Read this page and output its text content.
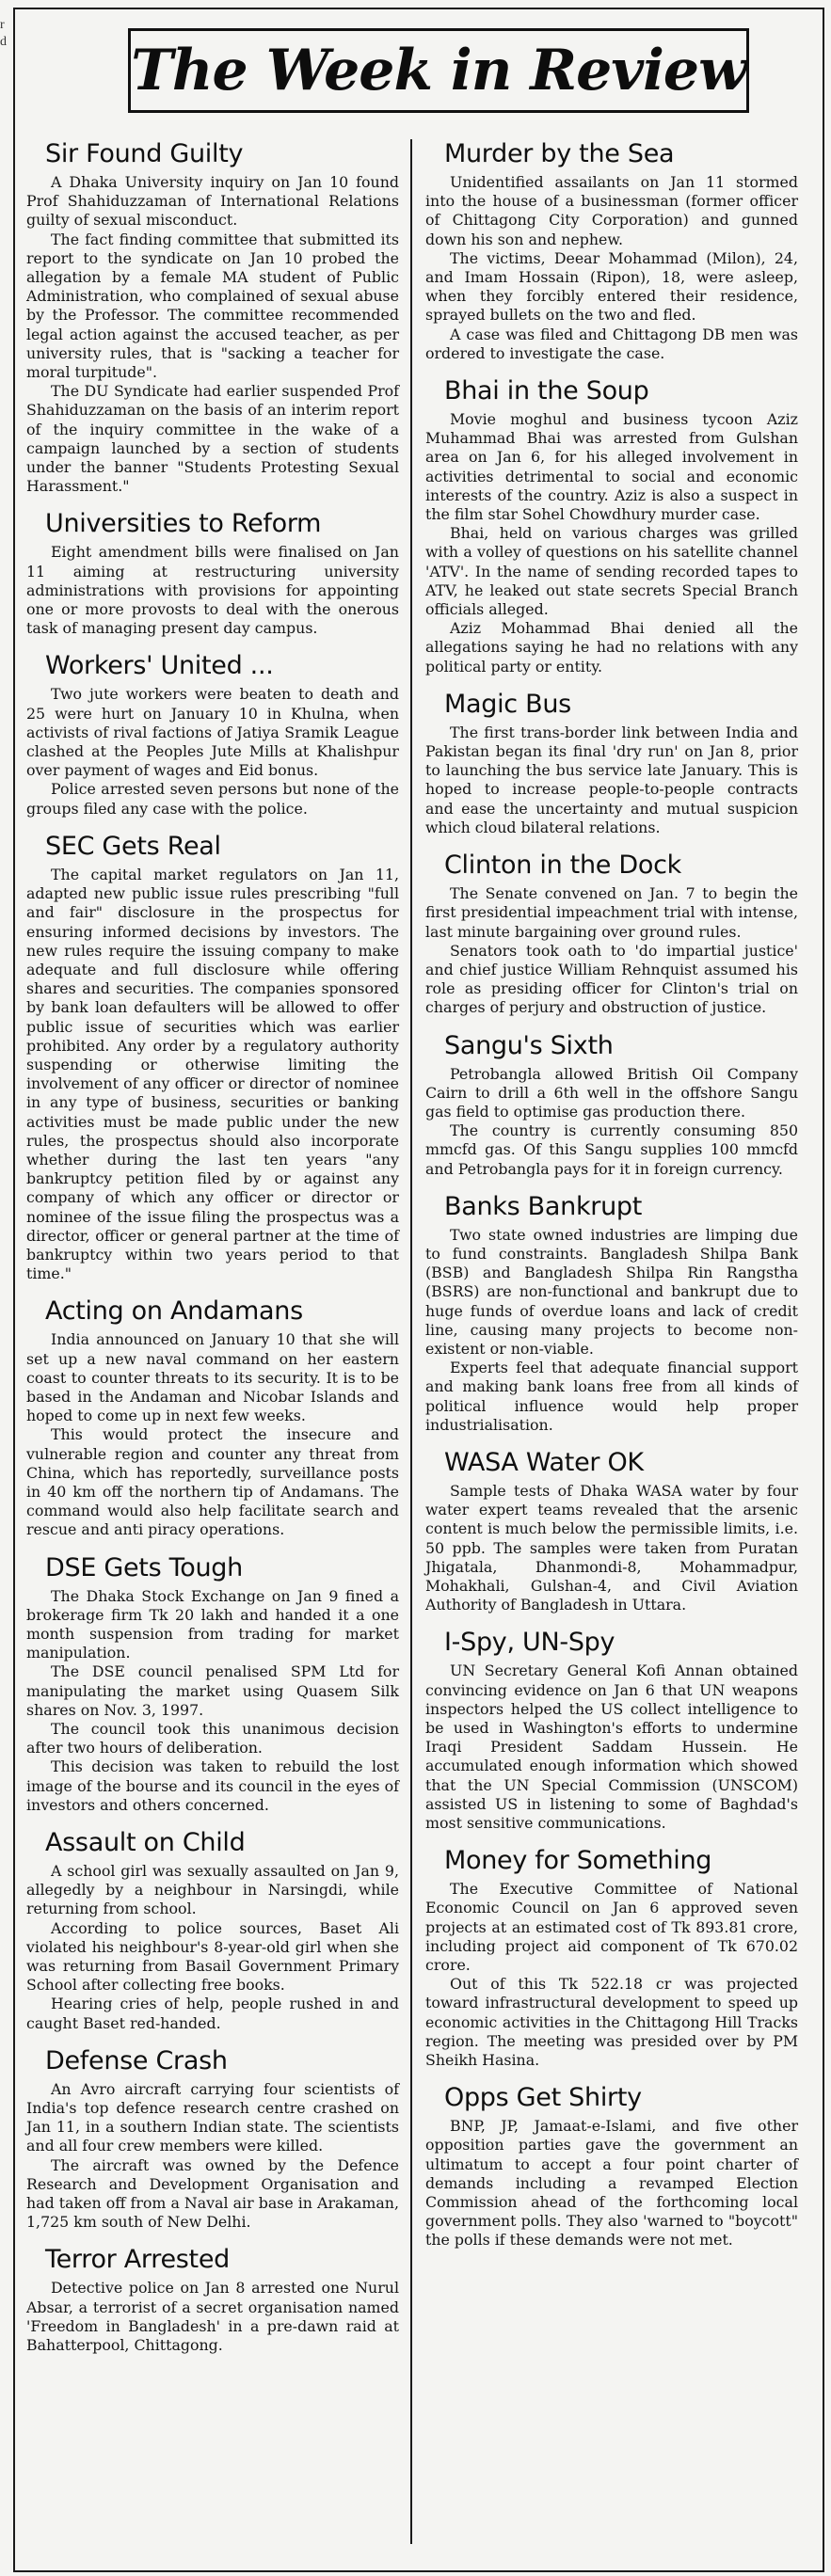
r d The Week in Review
Sir Found Guilty

A Dhaka University inquiry on Jan 10 found Prof Shahiduzzaman of International Relations guilty of sexual misconduct.

The fact finding committee that submitted its report to the syndicate on Jan 10 probed the allegation by a female MA student of Public Administration, who complained of sexual abuse by the Professor. The committee recommended legal action against the accused teacher, as per university rules, that is "sacking a teacher for moral turpitude".

The DU Syndicate had earlier suspended Prof Shahiduzzaman on the basis of an interim report of the inquiry committee in the wake of a campaign launched by a section of students under the banner "Students Protesting Sexual Harassment."

Universities to Reform

Eight amendment bills were finalised on Jan 11 aiming at restructuring university administrations with provisions for appointing one or more provosts to deal with the onerous task of managing present day campus.

Workers' United ...

Two jute workers were beaten to death and 25 were hurt on January 10 in Khulna, when activists of rival factions of Jatiya Sramik League clashed at the Peoples Jute Mills at Khalishpur over payment of wages and Eid bonus.

Police arrested seven persons but none of the groups filed any case with the police.

SEC Gets Real

The capital market regulators on Jan 11, adapted new public issue rules prescribing "full and fair" disclosure in the prospectus for ensuring informed decisions by investors. The new rules require the issuing company to make adequate and full disclosure while offering shares and securities. The companies sponsored by bank loan defaulters will be allowed to offer public issue of securities which was earlier prohibited. Any order by a regulatory authority suspending or otherwise limiting the involvement of any officer or director of nominee in any type of business, securities or banking activities must be made public under the new rules, the prospectus should also incorporate whether during the last ten years "any bankruptcy petition filed by or against any company of which any officer or director or nominee of the issue filing the prospectus was a director, officer or general partner at the time of bankruptcy within two years period to that time."

Acting on Andamans

India announced on January 10 that she will set up a new naval command on her eastern coast to counter threats to its security. It is to be based in the Andaman and Nicobar Islands and hoped to come up in next few weeks.

This would protect the insecure and vulnerable region and counter any threat from China, which has reportedly, surveillance posts in 40 km off the northern tip of Andamans. The command would also help facilitate search and rescue and anti piracy operations.

DSE Gets Tough

The Dhaka Stock Exchange on Jan 9 fined a brokerage firm Tk 20 lakh and handed it a one month suspension from trading for market manipulation.

The DSE council penalised SPM Ltd for manipulating the market using Quasem Silk shares on Nov. 3, 1997.

The council took this unanimous decision after two hours of deliberation.

This decision was taken to rebuild the lost image of the bourse and its council in the eyes of investors and others concerned.

Assault on Child

A school girl was sexually assaulted on Jan 9, allegedly by a neighbour in Narsingdi, while returning from school.

According to police sources, Baset Ali violated his neighbour's 8-year-old girl when she was returning from Basail Government Primary School after collecting free books.

Hearing cries of help, people rushed in and caught Baset red-handed.

Defense Crash

An Avro aircraft carrying four scientists of India's top defence research centre crashed on Jan 11, in a southern Indian state. The scientists and all four crew members were killed.

The aircraft was owned by the Defence Research and Development Organisation and had taken off from a Naval air base in Arakaman, 1,725 km south of New Delhi.

Terror Arrested

Detective police on Jan 8 arrested one Nurul Absar, a terrorist of a secret organisation named 'Freedom in Bangladesh' in a pre-dawn raid at Bahatterpool, Chittagong.

Murder by the Sea

Unidentified assailants on Jan 11 stormed into the house of a businessman (former officer of Chittagong City Corporation) and gunned down his son and nephew.

The victims, Deear Mohammad (Milon), 24, and Imam Hossain (Ripon), 18, were asleep, when they forcibly entered their residence, sprayed bullets on the two and fled.

A case was filed and Chittagong DB men was ordered to investigate the case.

Bhai in the Soup

Movie moghul and business tycoon Aziz Muhammad Bhai was arrested from Gulshan area on Jan 6, for his alleged involvement in activities detrimental to social and economic interests of the country. Aziz is also a suspect in the film star Sohel Chowdhury murder case.

Bhai, held on various charges was grilled with a volley of questions on his satellite channel 'ATV'. In the name of sending recorded tapes to ATV, he leaked out state secrets Special Branch officials alleged.

Aziz Mohammad Bhai denied all the allegations saying he had no relations with any political party or entity.

Magic Bus

The first trans-border link between India and Pakistan began its final 'dry run' on Jan 8, prior to launching the bus service late January. This is hoped to increase people-to-people contracts and ease the uncertainty and mutual suspicion which cloud bilateral relations.

Clinton in the Dock

The Senate convened on Jan. 7 to begin the first presidential impeachment trial with intense, last minute bargaining over ground rules.

Senators took oath to 'do impartial justice' and chief justice William Rehnquist assumed his role as presiding officer for Clinton's trial on charges of perjury and obstruction of justice.

Sangu's Sixth

Petrobangla allowed British Oil Company Cairn to drill a 6th well in the offshore Sangu gas field to optimise gas production there.

The country is currently consuming 850 mmcfd gas. Of this Sangu supplies 100 mmcfd and Petrobangla pays for it in foreign currency.

Banks Bankrupt

Two state owned industries are limping due to fund constraints. Bangladesh Shilpa Bank (BSB) and Bangladesh Shilpa Rin Rangstha (BSRS) are non-functional and bankrupt due to huge funds of overdue loans and lack of credit line, causing many projects to become non-existent or non-viable.

Experts feel that adequate financial support and making bank loans free from all kinds of political influence would help proper industrialisation.

WASA Water OK

Sample tests of Dhaka WASA water by four water expert teams revealed that the arsenic content is much below the permissible limits, i.e. 50 ppb. The samples were taken from Puratan Jhigatala, Dhanmondi-8, Mohammadpur, Mohakhali, Gulshan-4, and Civil Aviation Authority of Bangladesh in Uttara.

I-Spy, UN-Spy

UN Secretary General Kofi Annan obtained convincing evidence on Jan 6 that UN weapons inspectors helped the US collect intelligence to be used in Washington's efforts to undermine Iraqi President Saddam Hussein. He accumulated enough information which showed that the UN Special Commission (UNSCOM) assisted US in listening to some of Baghdad's most sensitive communications.

Money for Something

The Executive Committee of National Economic Council on Jan 6 approved seven projects at an estimated cost of Tk 893.81 crore, including project aid component of Tk 670.02 crore.

Out of this Tk 522.18 cr was projected toward infrastructural development to speed up economic activities in the Chittagong Hill Tracks region. The meeting was presided over by PM Sheikh Hasina.

Opps Get Shirty

BNP, JP, Jamaat-e-Islami, and five other opposition parties gave the government an ultimatum to accept a four point charter of demands including a revamped Election Commission ahead of the forthcoming local government polls. They also 'warned to "boycott" the polls if these demands were not met.
